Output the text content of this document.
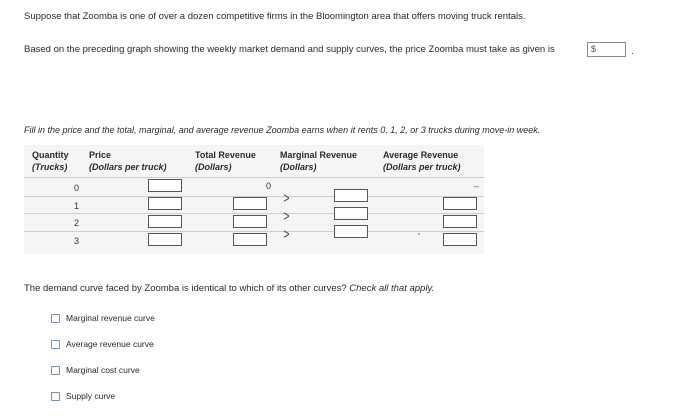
Suppose that Zoomba is one of over a dozen competitive firms in the Bloomington area that offers moving truck rentals.
Based on the preceding graph showing the weekly market demand and supply curves, the price Zoomba must take as given is	$	.
Fill in the price and the total, marginal, and average revenue Zoomba earns when it rents 0, 1, 2, or 3 trucks during move-in week.
Quantity
(Trucks)
Price
(Dollars per truck)
Total Revenue
(Dollars)
Marginal Revenue
(Dollars)
Average Revenue
(Dollars per truck)
0
1
2
3
0
>
>
>
–
The demand curve faced by Zoomba is identical to which of its other curves? Check all that apply.
Marginal revenue curve
Average revenue curve
Marginal cost curve
Supply curve
